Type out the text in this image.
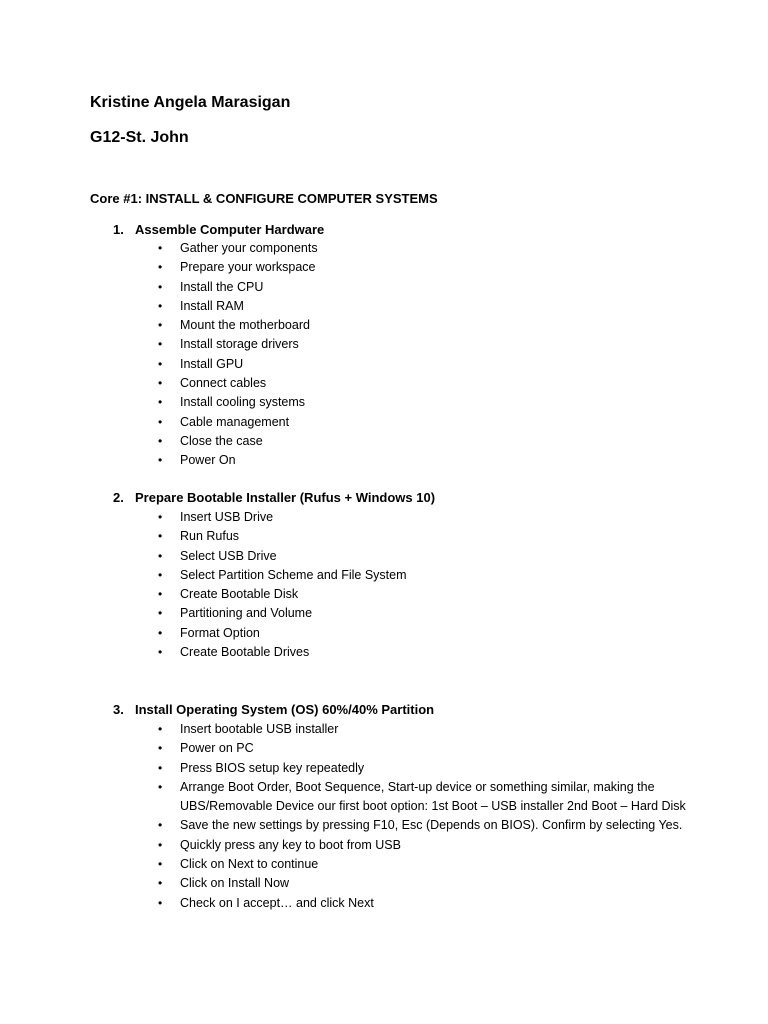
Kristine Angela Marasigan
G12-St. John
Core #1: INSTALL & CONFIGURE COMPUTER SYSTEMS
1. Assemble Computer Hardware
• Gather your components
• Prepare your workspace
• Install the CPU
• Install RAM
• Mount the motherboard
• Install storage drivers
• Install GPU
• Connect cables
• Install cooling systems
• Cable management
• Close the case
• Power On
2. Prepare Bootable Installer (Rufus + Windows 10)
• Insert USB Drive
• Run Rufus
• Select USB Drive
• Select Partition Scheme and File System
• Create Bootable Disk
• Partitioning and Volume
• Format Option
• Create Bootable Drives
3. Install Operating System (OS) 60%/40% Partition
• Insert bootable USB installer
• Power on PC
• Press BIOS setup key repeatedly
• Arrange Boot Order, Boot Sequence, Start-up device or something similar, making the UBS/Removable Device our first boot option: 1st Boot – USB installer 2nd Boot – Hard Disk
• Save the new settings by pressing F10, Esc (Depends on BIOS). Confirm by selecting Yes.
• Quickly press any key to boot from USB
• Click on Next to continue
• Click on Install Now
• Check on I accept… and click Next
